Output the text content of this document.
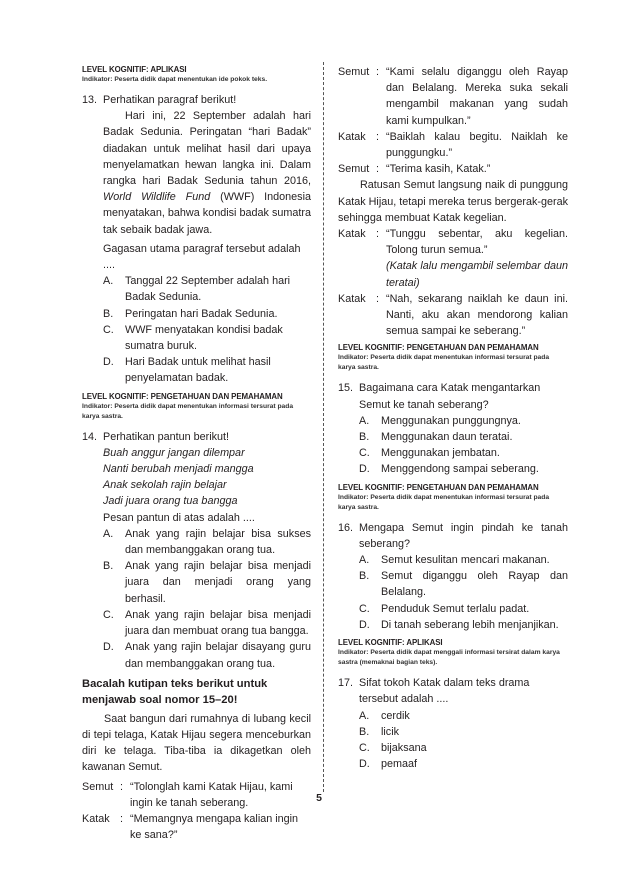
LEVEL KOGNITIF: APLIKASI
Indikator: Peserta didik dapat menentukan ide pokok teks.
13. Perhatikan paragraf berikut!

Hari ini, 22 September adalah hari Badak Sedunia. Peringatan “hari Badak” diadakan untuk melihat hasil dari upaya menyelamatkan hewan langka ini. Dalam rangka hari Badak Sedunia tahun 2016, World Wildlife Fund (WWF) Indonesia menyatakan, bahwa kondisi badak sumatra tak sebaik badak jawa.

Gagasan utama paragraf tersebut adalah ....

A.	Tanggal 22 September adalah hari Badak Sedunia.
B.	Peringatan hari Badak Sedunia.
C.	WWF menyatakan kondisi badak sumatra buruk.
D.	Hari Badak untuk melihat hasil penyelamatan badak.
LEVEL KOGNITIF: PENGETAHUAN DAN PEMAHAMAN
Indikator: Peserta didik dapat menentukan informasi tersurat pada karya sastra.
14. Perhatikan pantun berikut!

Buah anggur jangan dilempar

Nanti berubah menjadi mangga

Anak sekolah rajin belajar

Jadi juara orang tua bangga

Pesan pantun di atas adalah ....

A.	Anak yang rajin belajar bisa sukses dan membanggakan orang tua.
B.	Anak yang rajin belajar bisa menjadi juara dan menjadi orang yang berhasil.
C.	Anak yang rajin belajar bisa menjadi juara dan membuat orang tua bangga.
D.	Anak yang rajin belajar disayang guru dan membanggakan orang tua.
Bacalah kutipan teks berikut untuk menjawab soal nomor 15–20!

Saat bangun dari rumahnya di lubang kecil di tepi telaga, Katak Hijau segera menceburkan diri ke telaga. Tiba-tiba ia dikagetkan oleh kawanan Semut.

Semut : “Tolonglah kami Katak Hijau, kami ingin ke tanah seberang.
Katak : “Memangnya mengapa kalian ingin ke sana?”
Semut : “Kami selalu diganggu oleh Rayap dan Belalang. Mereka suka sekali mengambil makanan yang sudah kami kumpulkan.”
Katak : “Baiklah kalau begitu. Naiklah ke punggungku.”
Semut : “Terima kasih, Katak.”

Ratusan Semut langsung naik di punggung Katak Hijau, tetapi mereka terus bergerak-gerak sehingga membuat Katak kegelian.

Katak : “Tunggu sebentar, aku kegelian. Tolong turun semua.”
(Katak lalu mengambil selembar daun teratai)
Katak : “Nah, sekarang naiklah ke daun ini. Nanti, aku akan mendorong kalian semua sampai ke seberang.”
LEVEL KOGNITIF: PENGETAHUAN DAN PEMAHAMAN
Indikator: Peserta didik dapat menentukan informasi tersurat pada karya sastra.
15. Bagaimana cara Katak mengantarkan Semut ke tanah seberang?

A.	Menggunakan punggungnya.
B.	Menggunakan daun teratai.
C.	Menggunakan jembatan.
D.	Menggendong sampai seberang.
LEVEL KOGNITIF: PENGETAHUAN DAN PEMAHAMAN
Indikator: Peserta didik dapat menentukan informasi tersurat pada karya sastra.
16. Mengapa Semut ingin pindah ke tanah seberang?

A.	Semut kesulitan mencari makanan.
B.	Semut diganggu oleh Rayap dan Belalang.
C.	Penduduk Semut terlalu padat.
D.	Di tanah seberang lebih menjanjikan.
LEVEL KOGNITIF: APLIKASI
Indikator: Peserta didik dapat menggali informasi tersirat dalam karya sastra (memaknai bagian teks).
17. Sifat tokoh Katak dalam teks drama tersebut adalah ....

A.	cerdik
B.	licik
C.	bijaksana
D.	pemaaf
5
